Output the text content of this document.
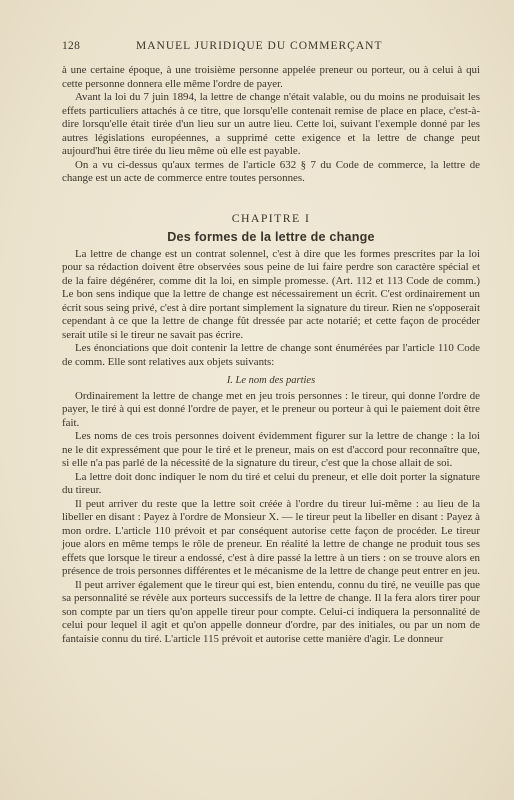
128	MANUEL JURIDIQUE DU COMMERÇANT

à une certaine époque, à une troisième personne appelée preneur ou porteur, ou à celui à qui cette personne donnera elle même l'ordre de payer.

Avant la loi du 7 juin 1894, la lettre de change n'était valable, ou du moins ne produisait les effets particuliers attachés à ce titre, que lorsqu'elle contenait remise de place en place, c'est-à-dire lorsqu'elle était tirée d'un lieu sur un autre lieu. Cette loi, suivant l'exemple donné par les autres législations européennes, a supprimé cette exigence et la lettre de change peut aujourd'hui être tirée du lieu même où elle est payable.

On a vu ci-dessus qu'aux termes de l'article 632 § 7 du Code de commerce, la lettre de change est un acte de commerce entre toutes personnes.

CHAPITRE I

Des formes de la lettre de change

La lettre de change est un contrat solennel, c'est à dire que les formes prescrites par la loi pour sa rédaction doivent être observées sous peine de lui faire perdre son caractère spécial et de la faire dégénérer, comme dit la loi, en simple promesse. (Art. 112 et 113 Code de comm.) Le bon sens indique que la lettre de change est nécessairement un écrit. C'est ordinairement un écrit sous seing privé, c'est à dire portant simplement la signature du tireur. Rien ne s'opposerait cependant à ce que la lettre de change fût dressée par acte notarié; et cette façon de procéder serait utile si le tireur ne savait pas écrire.

Les énonciations que doit contenir la lettre de change sont énumérées par l'article 110 Code de comm. Elle sont relatives aux objets suivants:

I. Le nom des parties

Ordinairement la lettre de change met en jeu trois personnes : le tireur, qui donne l'ordre de payer, le tiré à qui est donné l'ordre de payer, et le preneur ou porteur à qui le paiement doit être fait.

Les noms de ces trois personnes doivent évidemment figurer sur la lettre de change : la loi ne le dit expressément que pour le tiré et le preneur, mais on est d'accord pour reconnaître que, si elle n'a pas parlé de la nécessité de la signature du tireur, c'est que la chose allait de soi.

La lettre doit donc indiquer le nom du tiré et celui du preneur, et elle doit porter la signature du tireur.

Il peut arriver du reste que la lettre soit créée à l'ordre du tireur lui-même : au lieu de la libeller en disant : Payez à l'ordre de Monsieur X. — le tireur peut la libeller en disant : Payez à mon ordre. L'article 110 prévoit et par conséquent autorise cette façon de procéder. Le tireur joue alors en même temps le rôle de preneur. En réalité la lettre de change ne produit tous ses effets que lorsque le tireur a endossé, c'est à dire passé la lettre à un tiers : on se trouve alors en présence de trois personnes différentes et le mécanisme de la lettre de change peut entrer en jeu.

Il peut arriver également que le tireur qui est, bien entendu, connu du tiré, ne veuille pas que sa personnalité se révèle aux porteurs successifs de la lettre de change. Il la fera alors tirer pour son compte par un tiers qu'on appelle tireur pour compte. Celui-ci indiquera la personnalité de celui pour lequel il agit et qu'on appelle donneur d'ordre, par des initiales, ou par un nom de fantaisie connu du tiré. L'article 115 prévoit et autorise cette manière d'agir. Le donneur
